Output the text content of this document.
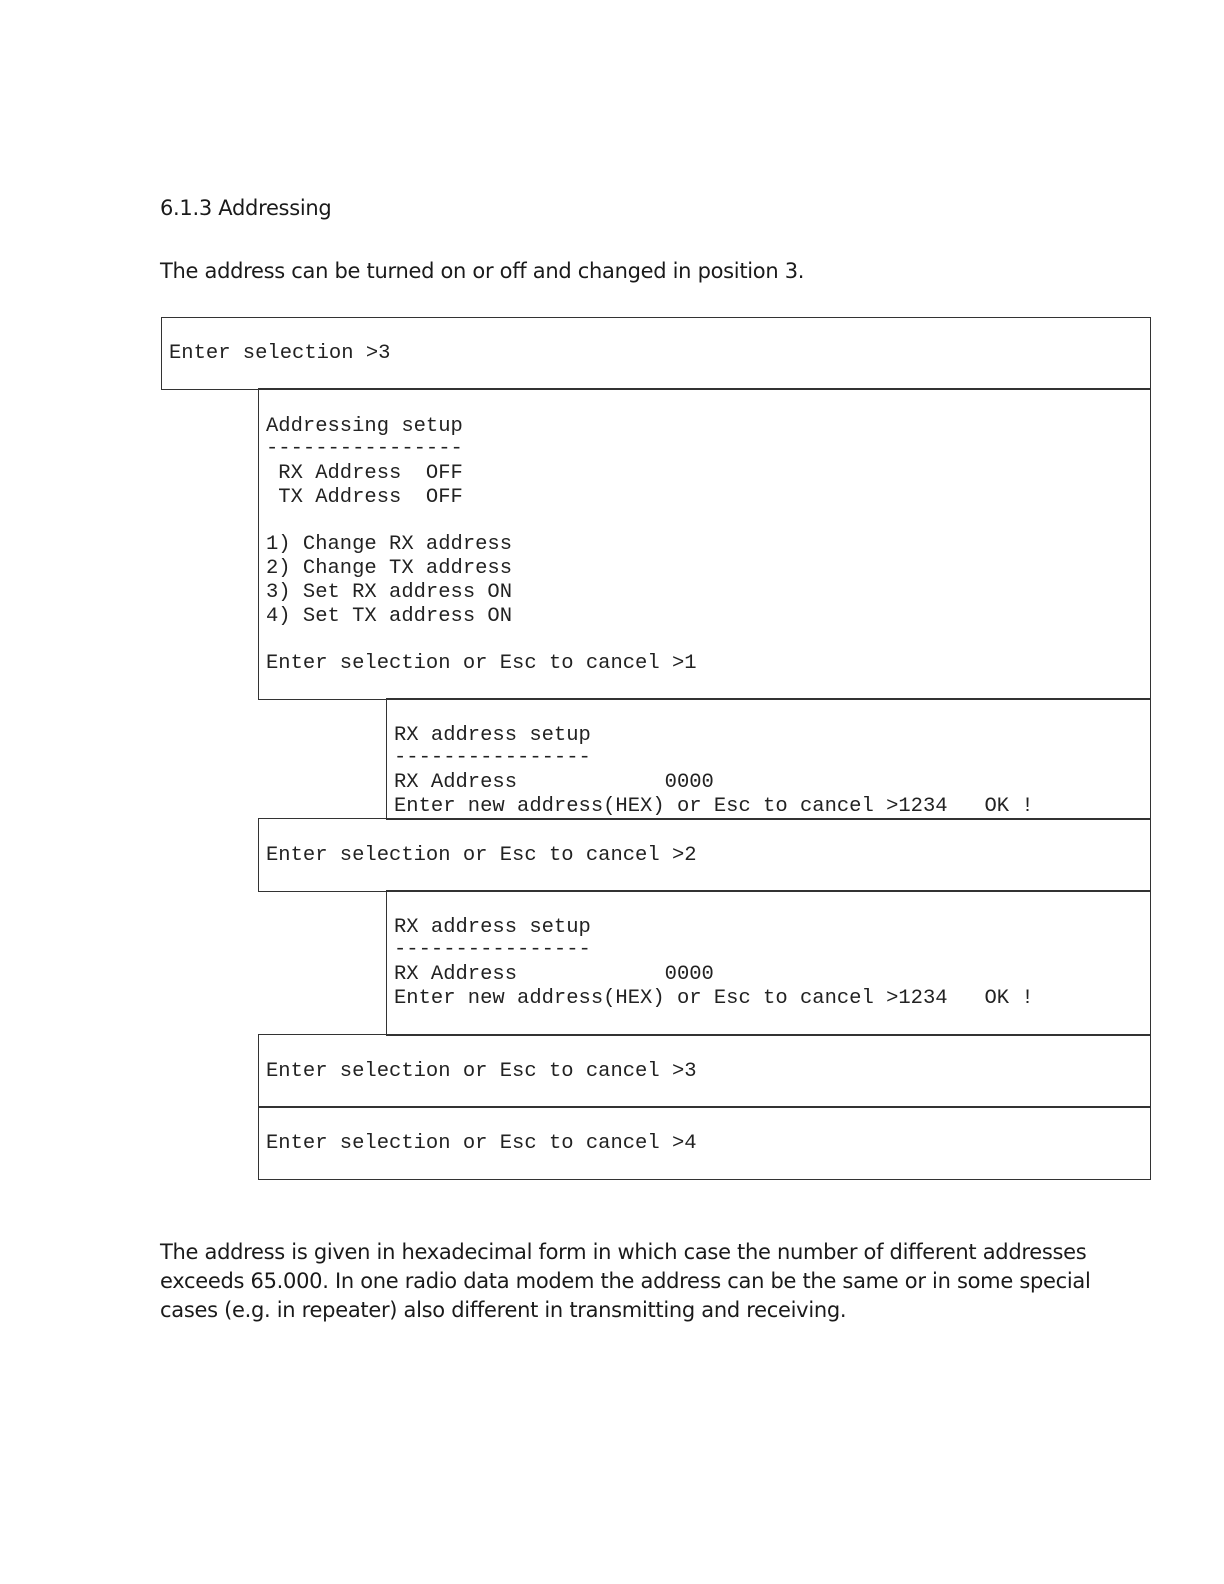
6.1.3 Addressing
The address can be turned on or off and changed in position 3.
Enter selection >3
Addressing setup
----------------
RX Address  OFF
TX Address  OFF
1) Change RX address
2) Change TX address
3) Set RX address ON
4) Set TX address ON
Enter selection or Esc to cancel >1
RX address setup
----------------
RX Address            0000
Enter new address(HEX) or Esc to cancel >1234   OK !
Enter selection or Esc to cancel >2
RX address setup
----------------
RX Address            0000
Enter new address(HEX) or Esc to cancel >1234   OK !
Enter selection or Esc to cancel >3
Enter selection or Esc to cancel >4
The address is given in hexadecimal form in which case the number of different addresses
exceeds 65.000. In one radio data modem the address can be the same or in some special
cases (e.g. in repeater) also different in transmitting and receiving.
